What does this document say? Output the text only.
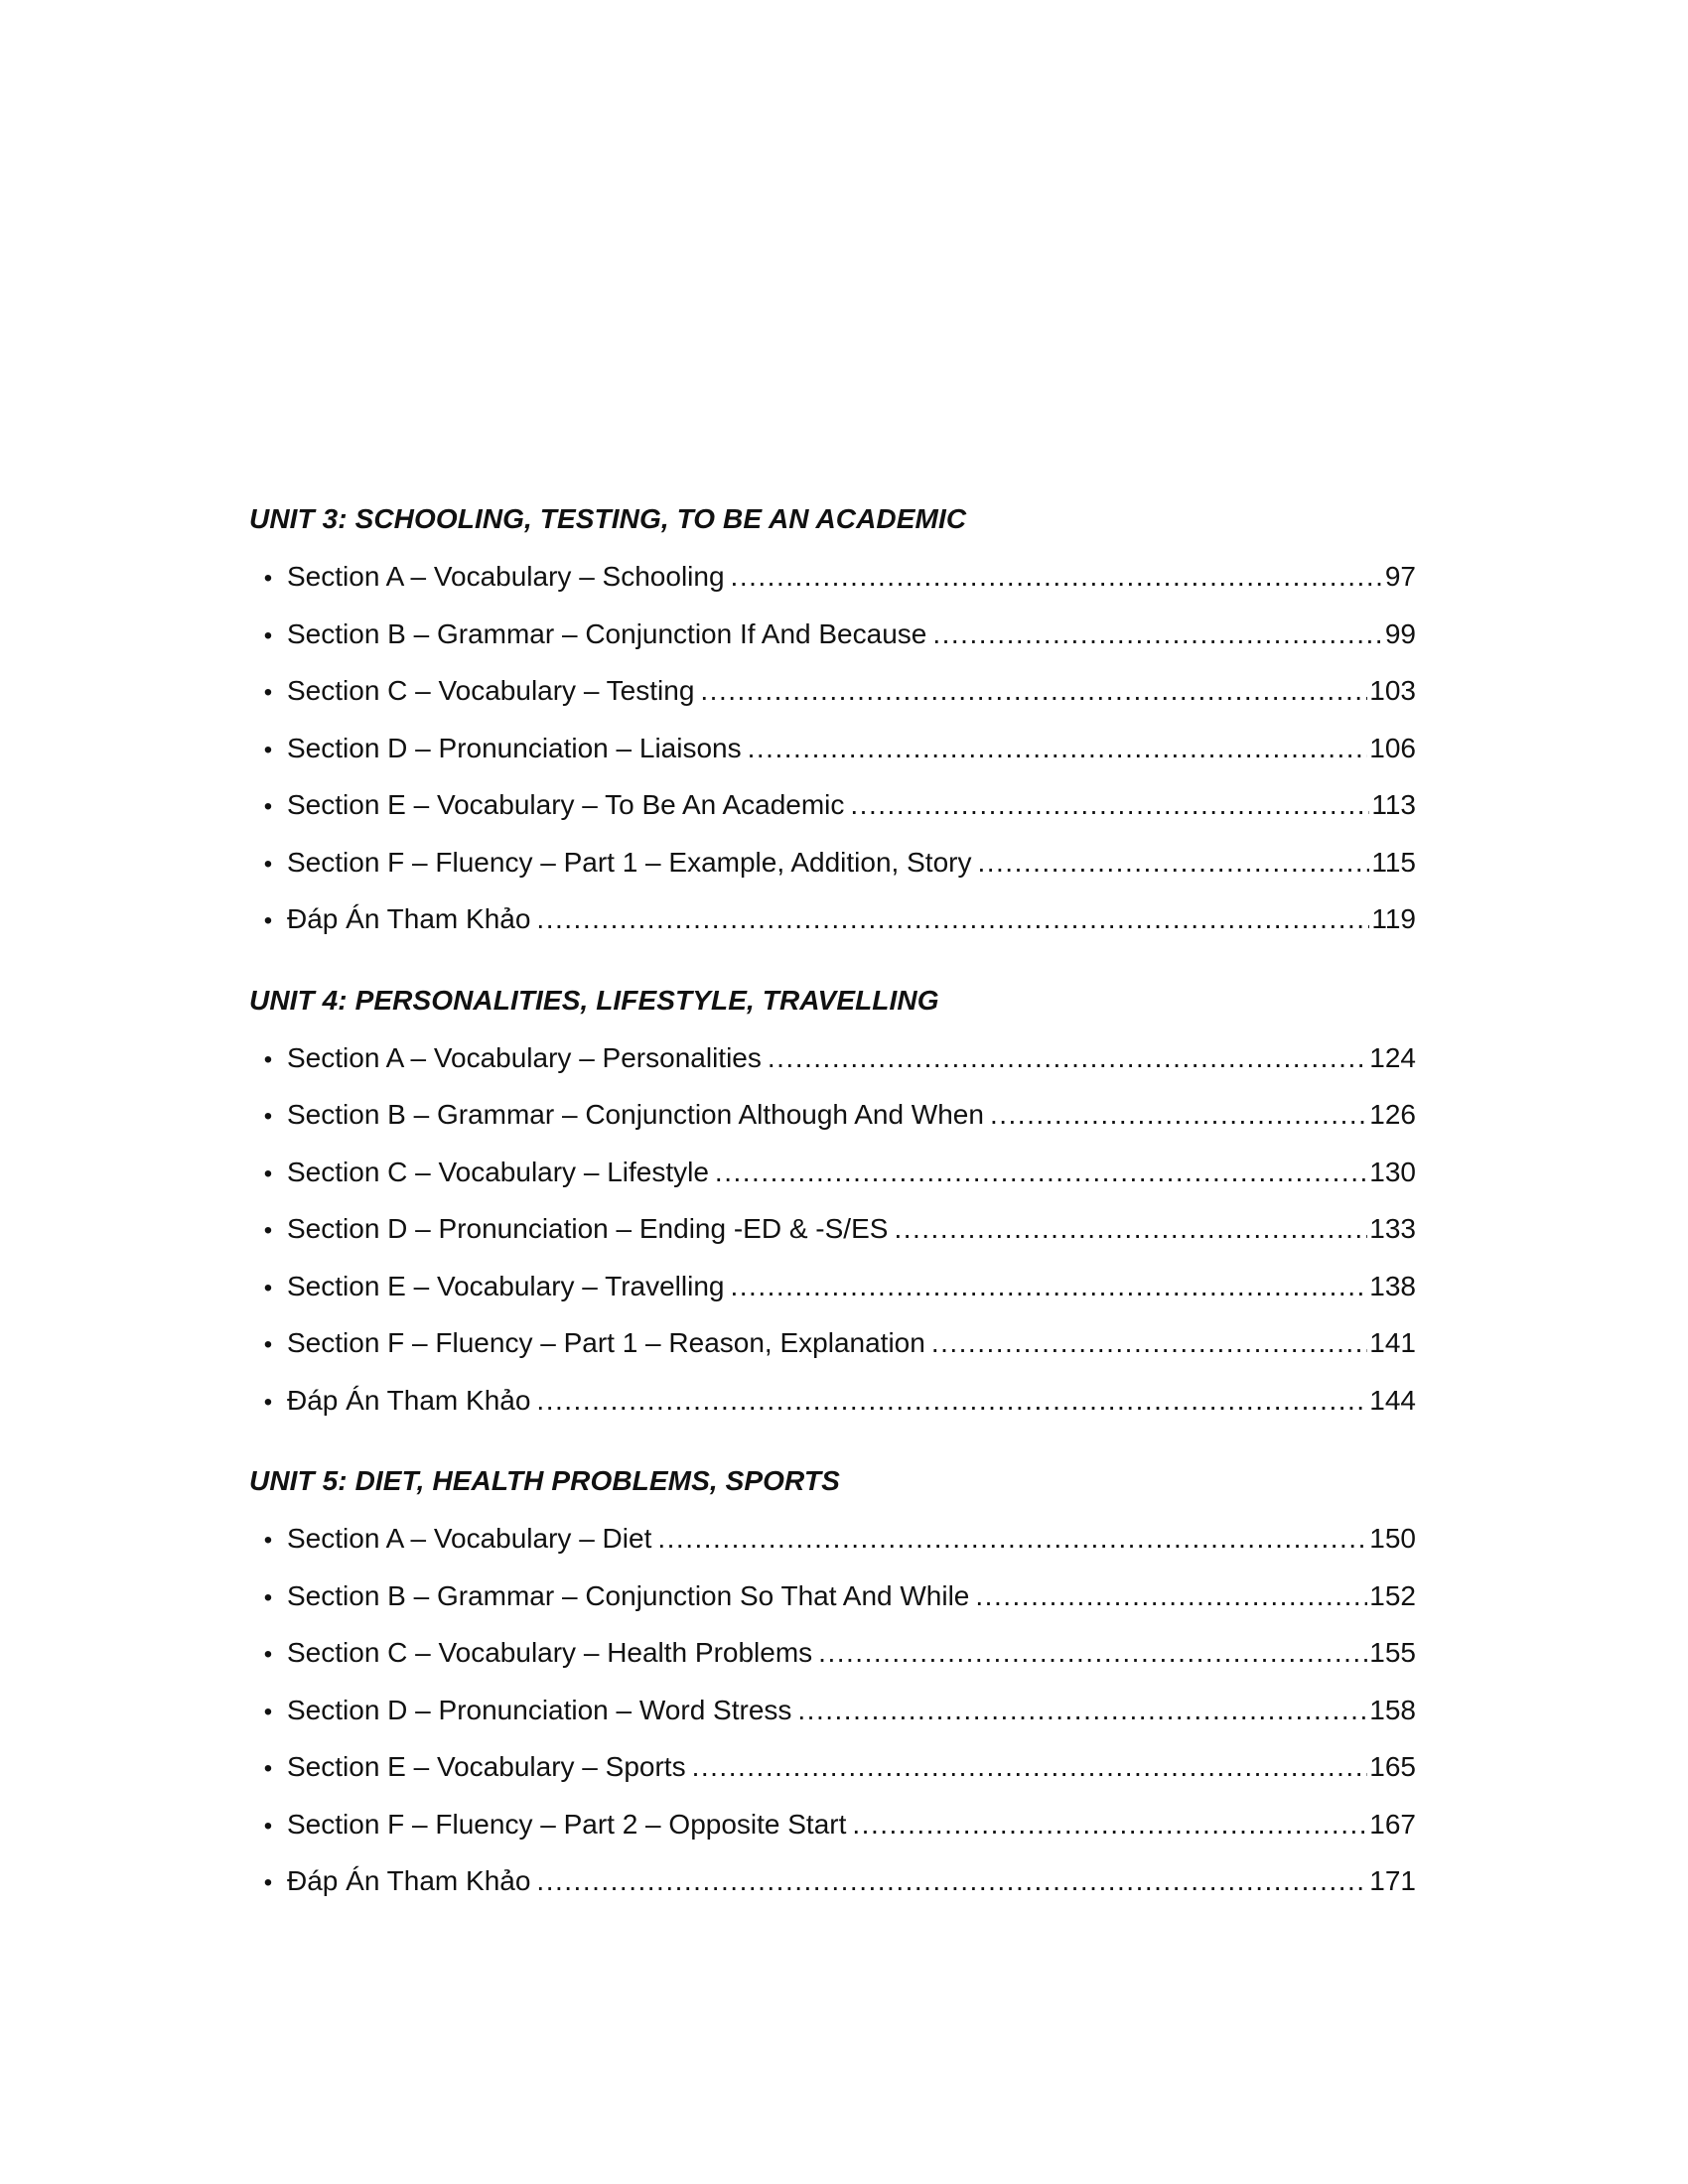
UNIT 3: SCHOOLING, TESTING, TO BE AN ACADEMIC
• Section A – Vocabulary – Schooling .....	97
• Section B – Grammar – Conjunction If And Because .....	99
• Section C – Vocabulary – Testing .....	103
• Section D – Pronunciation – Liaisons .....	106
• Section E – Vocabulary – To Be An Academic .....	113
• Section F – Fluency – Part 1 – Example, Addition, Story .....	115
• Đáp Án Tham Khảo .....	119
UNIT 4: PERSONALITIES, LIFESTYLE, TRAVELLING
• Section A – Vocabulary – Personalities .....	124
• Section B – Grammar – Conjunction Although And When .....	126
• Section C – Vocabulary – Lifestyle .....	130
• Section D – Pronunciation – Ending -ED & -S/ES .....	133
• Section E – Vocabulary – Travelling .....	138
• Section F – Fluency – Part 1 – Reason, Explanation .....	141
• Đáp Án Tham Khảo .....	144
UNIT 5: DIET, HEALTH PROBLEMS, SPORTS
• Section A – Vocabulary – Diet .....	150
• Section B – Grammar – Conjunction So That And While .....	152
• Section C – Vocabulary – Health Problems .....	155
• Section D – Pronunciation – Word Stress .....	158
• Section E – Vocabulary – Sports .....	165
• Section F – Fluency – Part 2 – Opposite Start .....	167
• Đáp Án Tham Khảo .....	171
